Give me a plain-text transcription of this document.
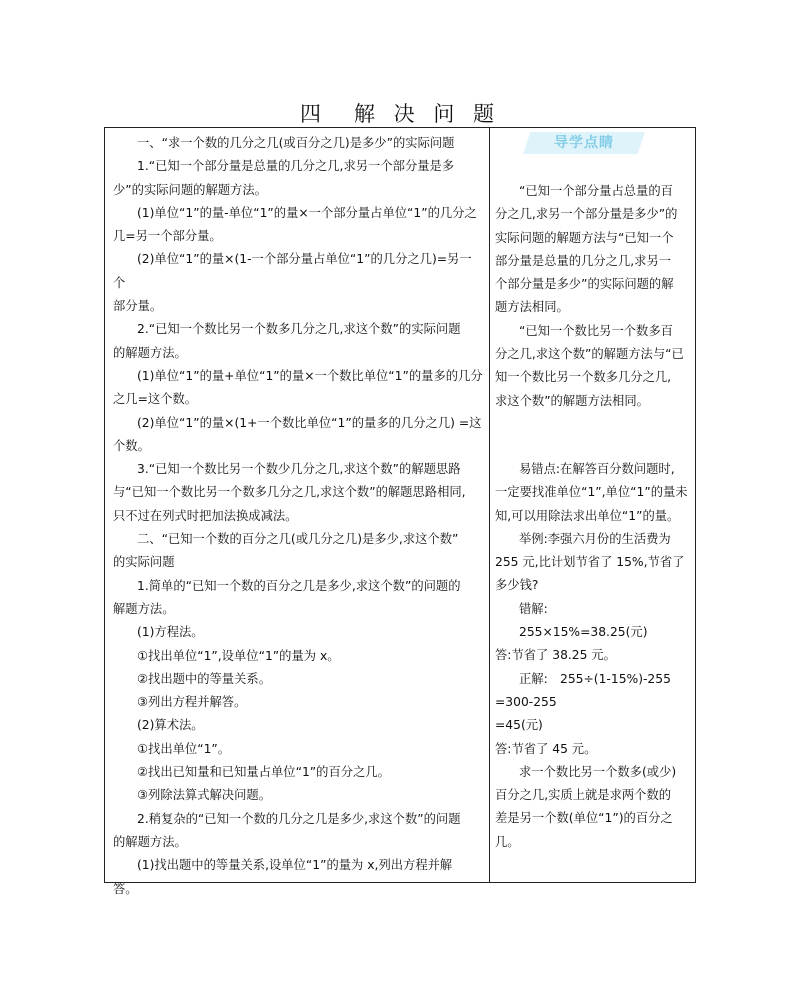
四　解 决 问 题

一、“求一个数的几分之几(或百分之几)是多少”的实际问题

1.“已知一个部分量是总量的几分之几,求另一个部分量是多

少”的实际问题的解题方法。

(1)单位“1”的量-单位“1”的量×一个部分量占单位“1”的几分之

几=另一个部分量。

(2)单位“1”的量×(1-一个部分量占单位“1”的几分之几)=另一个

部分量。

2.“已知一个数比另一个数多几分之几,求这个数”的实际问题

的解题方法。

(1)单位“1”的量+单位“1”的量×一个数比单位“1”的量多的几分

之几=这个数。

(2)单位“1”的量×(1+一个数比单位“1”的量多的几分之几) =这

个数。

3.“已知一个数比另一个数少几分之几,求这个数”的解题思路

与“已知一个数比另一个数多几分之几,求这个数”的解题思路相同,

只不过在列式时把加法换成减法。

二、“已知一个数的百分之几(或几分之几)是多少,求这个数”

的实际问题

1.简单的“已知一个数的百分之几是多少,求这个数”的问题的

解题方法。

(1)方程法。

①找出单位“1”,设单位“1”的量为 x。

②找出题中的等量关系。

③列出方程并解答。

(2)算术法。

①找出单位“1”。

②找出已知量和已知量占单位“1”的百分之几。

③列除法算式解决问题。

2.稍复杂的“已知一个数的几分之几是多少,求这个数”的问题

的解题方法。

(1)找出题中的等量关系,设单位“1”的量为 x,列出方程并解

答。

导学点睛

“已知一个部分量占总量的百

分之几,求另一个部分量是多少”的

实际问题的解题方法与“已知一个

部分量是总量的几分之几,求另一

个部分量是多少”的实际问题的解

题方法相同。

“已知一个数比另一个数多百

分之几,求这个数”的解题方法与“已

知一个数比另一个数多几分之几,

求这个数”的解题方法相同。

易错点:在解答百分数问题时,

一定要找准单位“1”,单位“1”的量未

知,可以用除法求出单位“1”的量。

举例:李强六月份的生活费为

255 元,比计划节省了 15%,节省了

多少钱?

错解:

255×15%=38.25(元)

答:节省了 38.25 元。

正解:　255÷(1-15%)-255

=300-255

=45(元)

答:节省了 45 元。

求一个数比另一个数多(或少)

百分之几,实质上就是求两个数的

差是另一个数(单位“1”)的百分之

几。
